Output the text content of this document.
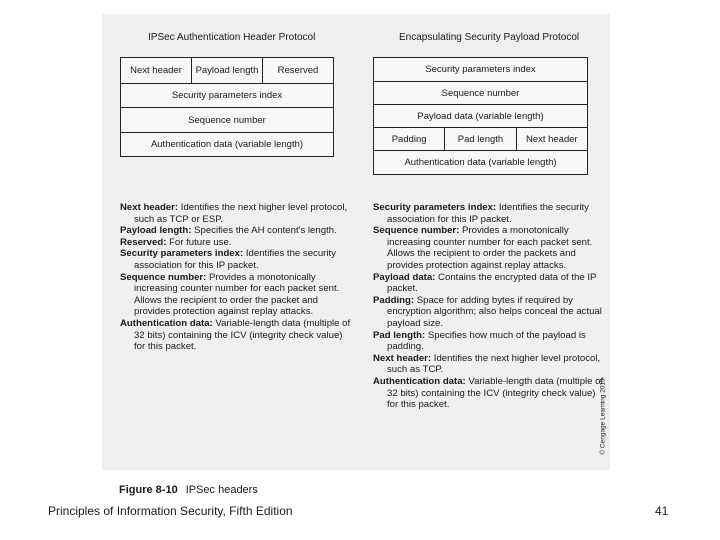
IPSec Authentication Header Protocol	Encapsulating Security Payload Protocol
Next header	Payload length	Reserved
Security parameters index
Sequence number
Authentication data (variable length)
Security parameters index
Sequence number
Payload data (variable length)
Padding	Pad length	Next header
Authentication data (variable length)

Next header: Identifies the next higher level protocol, such as TCP or ESP.

Payload length: Specifies the AH content's length.

Reserved: For future use.

Security parameters index: Identifies the security association for this IP packet.

Sequence number: Provides a monotonically increasing counter number for each packet sent. Allows the recipient to order the packet and provides protection against replay attacks.

Authentication data: Variable-length data (multiple of 32 bits) containing the ICV (integrity check value) for this packet.

Security parameters index: Identifies the security association for this IP packet.

Sequence number: Provides a monotonically increasing counter number for each packet sent. Allows the recipient to order the packets and provides protection against replay attacks.

Payload data: Contains the encrypted data of the IP packet.

Padding: Space for adding bytes if required by encryption algorithm; also helps conceal the actual payload size.

Pad length: Specifies how much of the payload is padding.

Next header: Identifies the next higher level protocol, such as TCP.

Authentication data: Variable-length data (multiple of 32 bits) containing the ICV (integrity check value) for this packet.	© Cengage Learning 2015
Figure 8-10 IPSec headers
Principles of Information Security, Fifth Edition	41
